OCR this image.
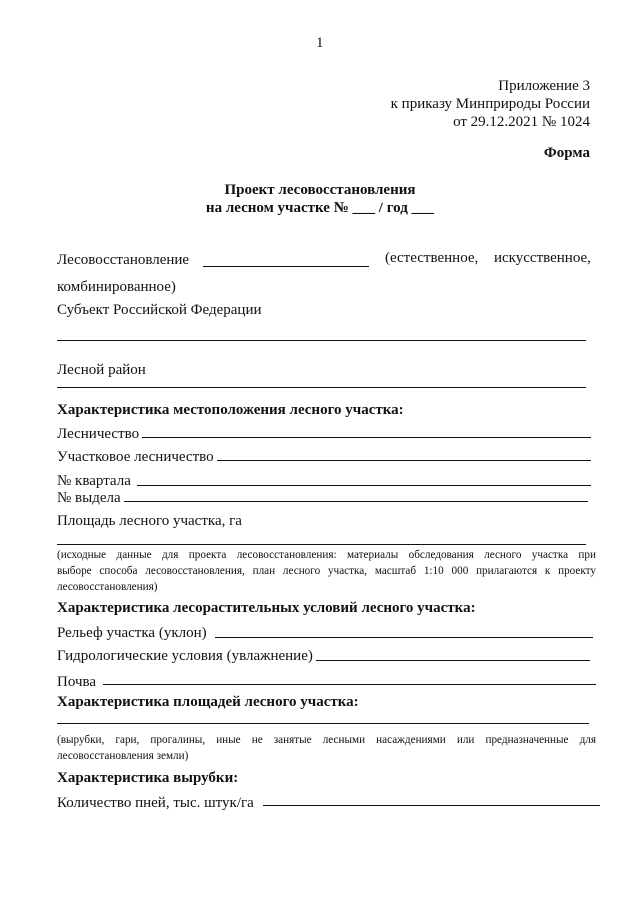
1
Приложение 3
к приказу Минприроды России
от 29.12.2021 № 1024
Форма
Проект лесовосстановления
на лесном участке № ___ / год ___
Лесовосстановление	(естественное, искусственное,
комбинированное)
Субъект Российской Федерации
Лесной район
Характеристика местоположения лесного участка:
Лесничество
Участковое лесничество
№ квартала
№ выдела
Площадь лесного участка, га
(исходные данные для проекта лесовосстановления: материалы обследования лесного участка при
выборе способа лесовосстановления, план лесного участка, масштаб 1:10 000 прилагаются к проекту
лесовосстановления)
Характеристика лесорастительных условий лесного участка:
Рельеф участка (уклон)
Гидрологические условия (увлажнение)
Почва
Характеристика площадей лесного участка:
(вырубки, гари, прогалины, иные не занятые лесными насаждениями или предназначенные для
лесовосстановления земли)
Характеристика вырубки:
Количество пней, тыс. штук/га
